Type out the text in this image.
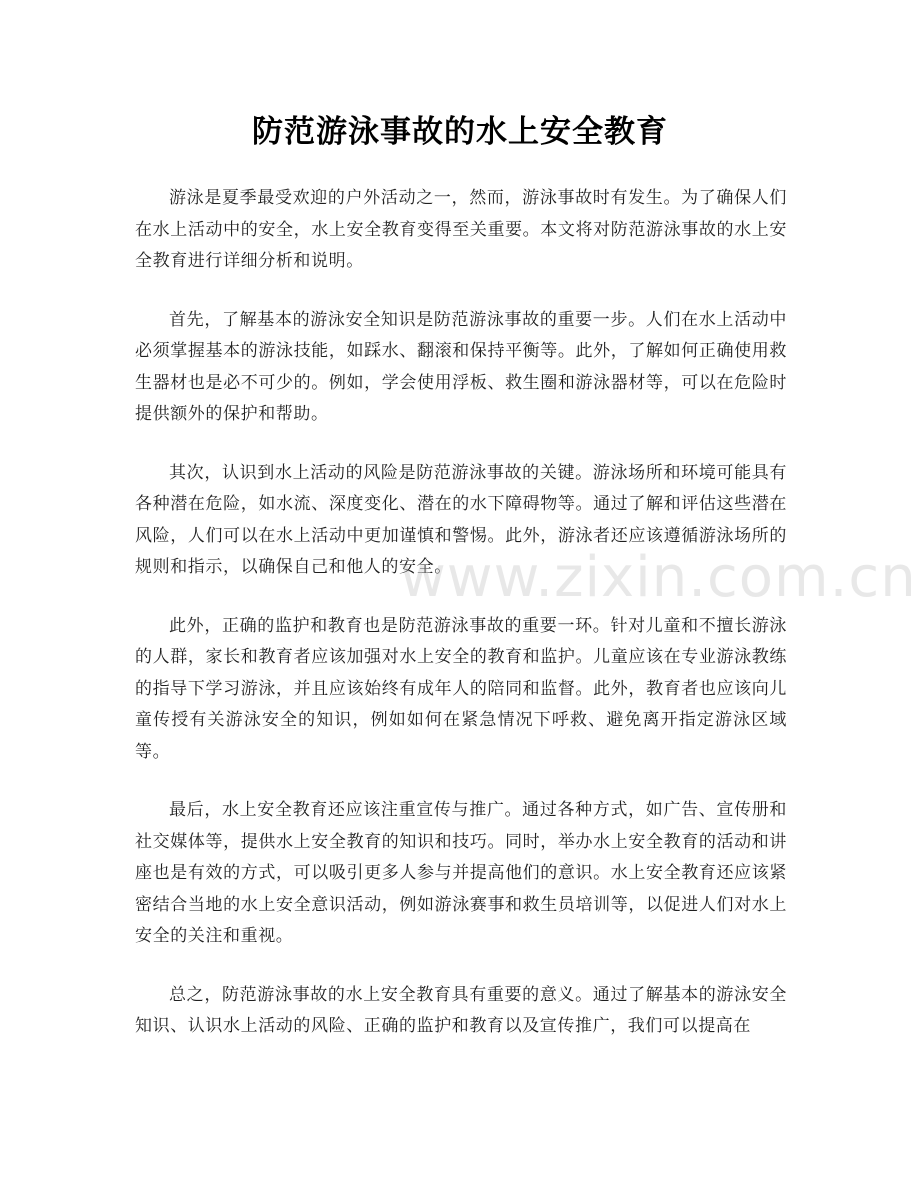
防范游泳事故的水上安全教育

游泳是夏季最受欢迎的户外活动之一，然而，游泳事故时有发生。为了确保人们在水上活动中的安全，水上安全教育变得至关重要。本文将对防范游泳事故的水上安全教育进行详细分析和说明。

首先，了解基本的游泳安全知识是防范游泳事故的重要一步。人们在水上活动中必须掌握基本的游泳技能，如踩水、翻滚和保持平衡等。此外，了解如何正确使用救生器材也是必不可少的。例如，学会使用浮板、救生圈和游泳器材等，可以在危险时提供额外的保护和帮助。

其次，认识到水上活动的风险是防范游泳事故的关键。游泳场所和环境可能具有各种潜在危险，如水流、深度变化、潜在的水下障碍物等。通过了解和评估这些潜在风险，人们可以在水上活动中更加谨慎和警惕。此外，游泳者还应该遵循游泳场所的规则和指示，以确保自己和他人的安全。

此外，正确的监护和教育也是防范游泳事故的重要一环。针对儿童和不擅长游泳的人群，家长和教育者应该加强对水上安全的教育和监护。儿童应该在专业游泳教练的指导下学习游泳，并且应该始终有成年人的陪同和监督。此外，教育者也应该向儿童传授有关游泳安全的知识，例如如何在紧急情况下呼救、避免离开指定游泳区域等。

最后，水上安全教育还应该注重宣传与推广。通过各种方式，如广告、宣传册和社交媒体等，提供水上安全教育的知识和技巧。同时，举办水上安全教育的活动和讲座也是有效的方式，可以吸引更多人参与并提高他们的意识。水上安全教育还应该紧密结合当地的水上安全意识活动，例如游泳赛事和救生员培训等，以促进人们对水上安全的关注和重视。

总之，防范游泳事故的水上安全教育具有重要的意义。通过了解基本的游泳安全知识、认识水上活动的风险、正确的监护和教育以及宣传推广，我们可以提高在

www.zixin.com.cn
